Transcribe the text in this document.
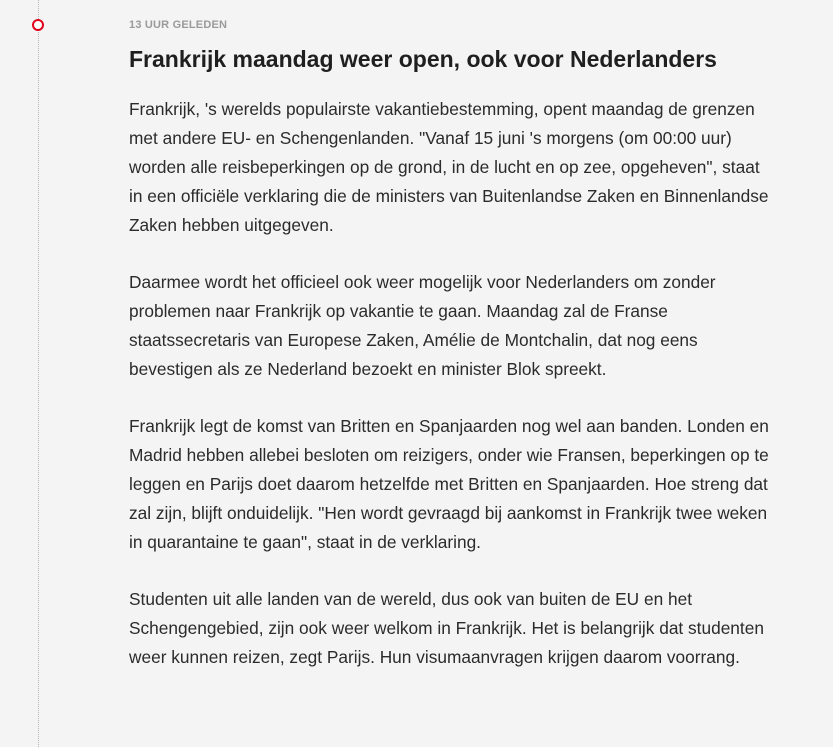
13 UUR GELEDEN

Frankrijk maandag weer open, ook voor Nederlanders

Frankrijk, 's werelds populairste vakantiebestemming, opent maandag de grenzen met andere EU- en Schengenlanden. "Vanaf 15 juni 's morgens (om 00:00 uur) worden alle reisbeperkingen op de grond, in de lucht en op zee, opgeheven", staat in een officiële verklaring die de ministers van Buitenlandse Zaken en Binnenlandse Zaken hebben uitgegeven.

Daarmee wordt het officieel ook weer mogelijk voor Nederlanders om zonder problemen naar Frankrijk op vakantie te gaan. Maandag zal de Franse staatssecretaris van Europese Zaken, Amélie de Montchalin, dat nog eens bevestigen als ze Nederland bezoekt en minister Blok spreekt.

Frankrijk legt de komst van Britten en Spanjaarden nog wel aan banden. Londen en Madrid hebben allebei besloten om reizigers, onder wie Fransen, beperkingen op te leggen en Parijs doet daarom hetzelfde met Britten en Spanjaarden. Hoe streng dat zal zijn, blijft onduidelijk. "Hen wordt gevraagd bij aankomst in Frankrijk twee weken in quarantaine te gaan", staat in de verklaring.

Studenten uit alle landen van de wereld, dus ook van buiten de EU en het Schengengebied, zijn ook weer welkom in Frankrijk. Het is belangrijk dat studenten weer kunnen reizen, zegt Parijs. Hun visumaanvragen krijgen daarom voorrang.
